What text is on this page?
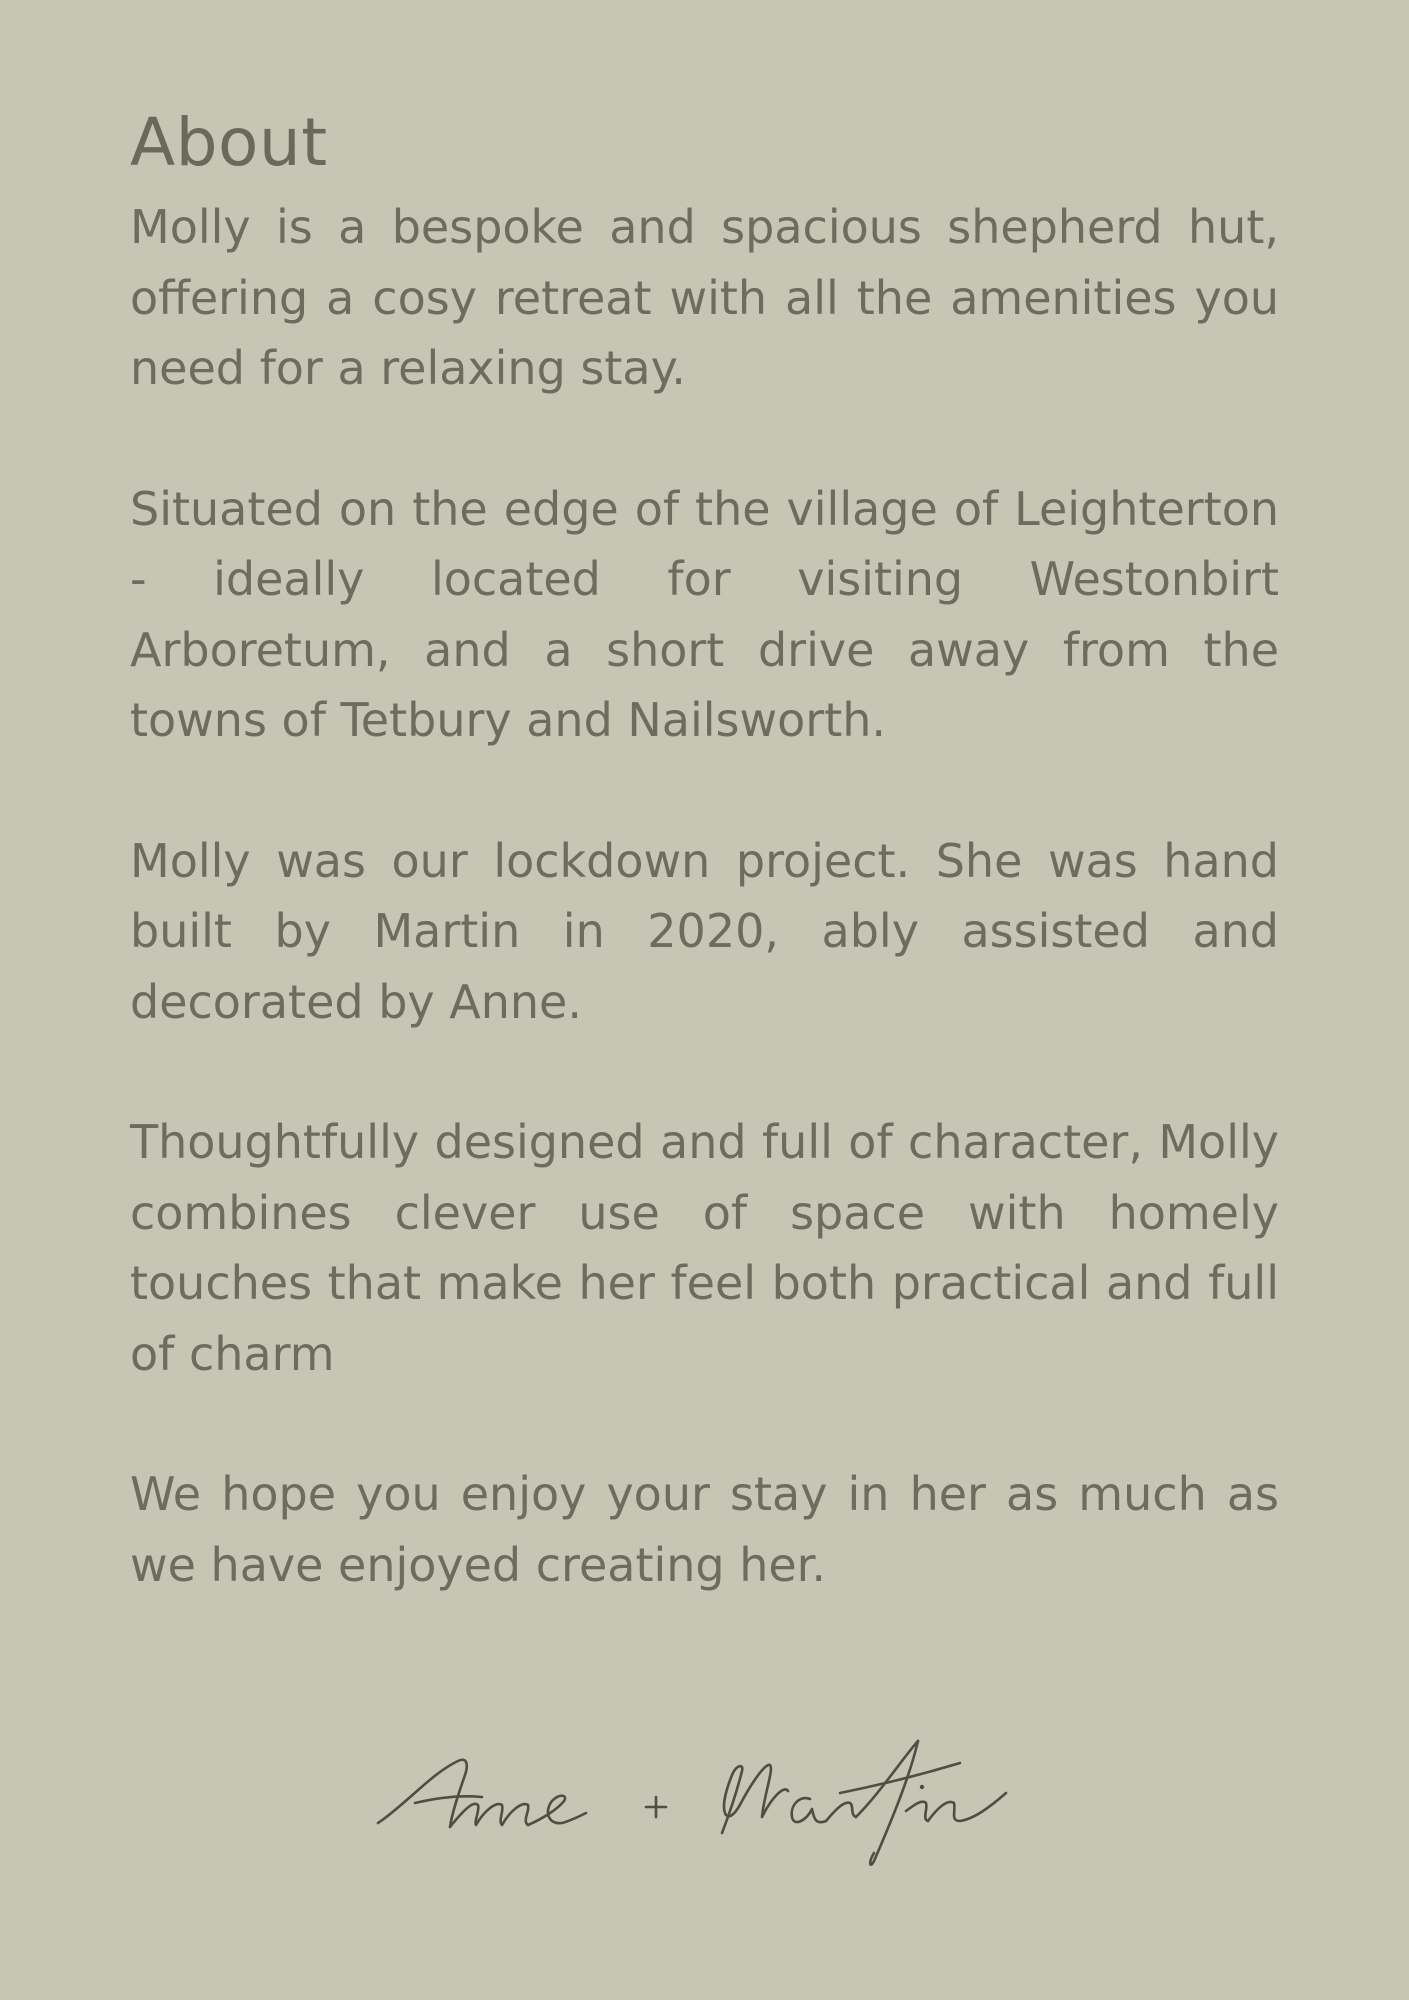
About

Molly is a bespoke and spacious shepherd hut, offering a cosy retreat with all the amenities you need for a relaxing stay.

Situated on the edge of the village of Leighterton - ideally located for visiting Westonbirt Arboretum, and a short drive away from the towns of Tetbury and Nailsworth.

Molly was our lockdown project. She was hand built by Martin in 2020, ably assisted and decorated by Anne.

Thoughtfully designed and full of character, Molly combines clever use of space with homely touches that make her feel both practical and full of charm

We hope you enjoy your stay in her as much as we have enjoyed creating her.
